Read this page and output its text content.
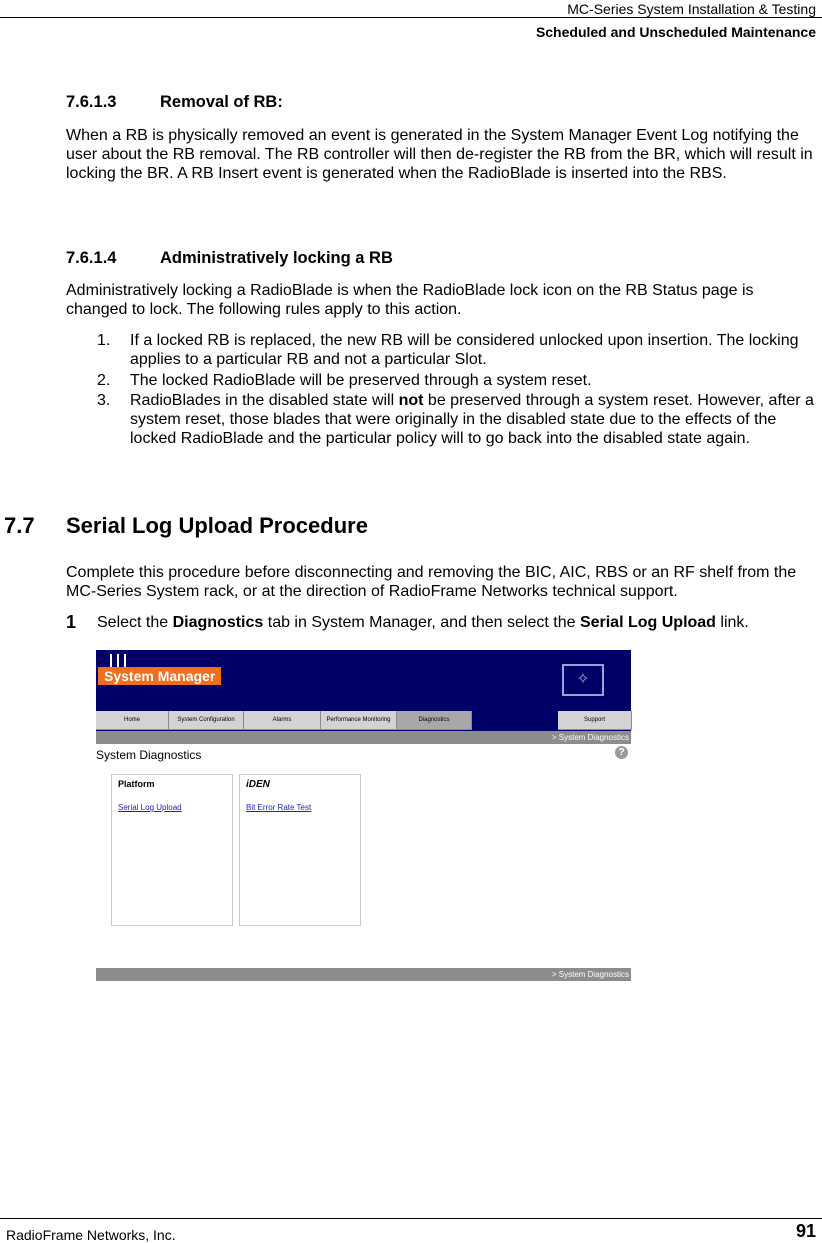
MC-Series System Installation & Testing
Scheduled and Unscheduled Maintenance
7.6.1.3	Removal of RB:
When a RB is physically removed an event is generated in the System Manager Event Log notifying the user about the RB removal. The RB controller will then de-register the RB from the BR, which will result in locking the BR. A RB Insert event is generated when the RadioBlade is inserted into the RBS.
7.6.1.4	Administratively locking a RB
Administratively locking a RadioBlade is when the RadioBlade lock icon on the RB Status page is changed to lock. The following rules apply to this action.
1. If a locked RB is replaced, the new RB will be considered unlocked upon insertion. The locking applies to a particular RB and not a particular Slot.
2. The locked RadioBlade will be preserved through a system reset.
3. RadioBlades in the disabled state will not be preserved through a system reset. However, after a system reset, those blades that were originally in the disabled state due to the effects of the locked RadioBlade and the particular policy will to go back into the disabled state again.
7.7 Serial Log Upload Procedure
Complete this procedure before disconnecting and removing the BIC, AIC, RBS or an RF shelf from the MC-Series System rack, or at the direction of RadioFrame Networks technical support.
1 Select the Diagnostics tab in System Manager, and then select the Serial Log Upload link.
System Manager	✧
Home	System Configuration	Alarms	Performance Monitoring	Diagnostics	Support
> System Diagnostics
System Diagnostics	?
Platform
Serial Log Upload
iDEN
Bit Error Rate Test
> System Diagnostics
RadioFrame Networks, Inc.	91
